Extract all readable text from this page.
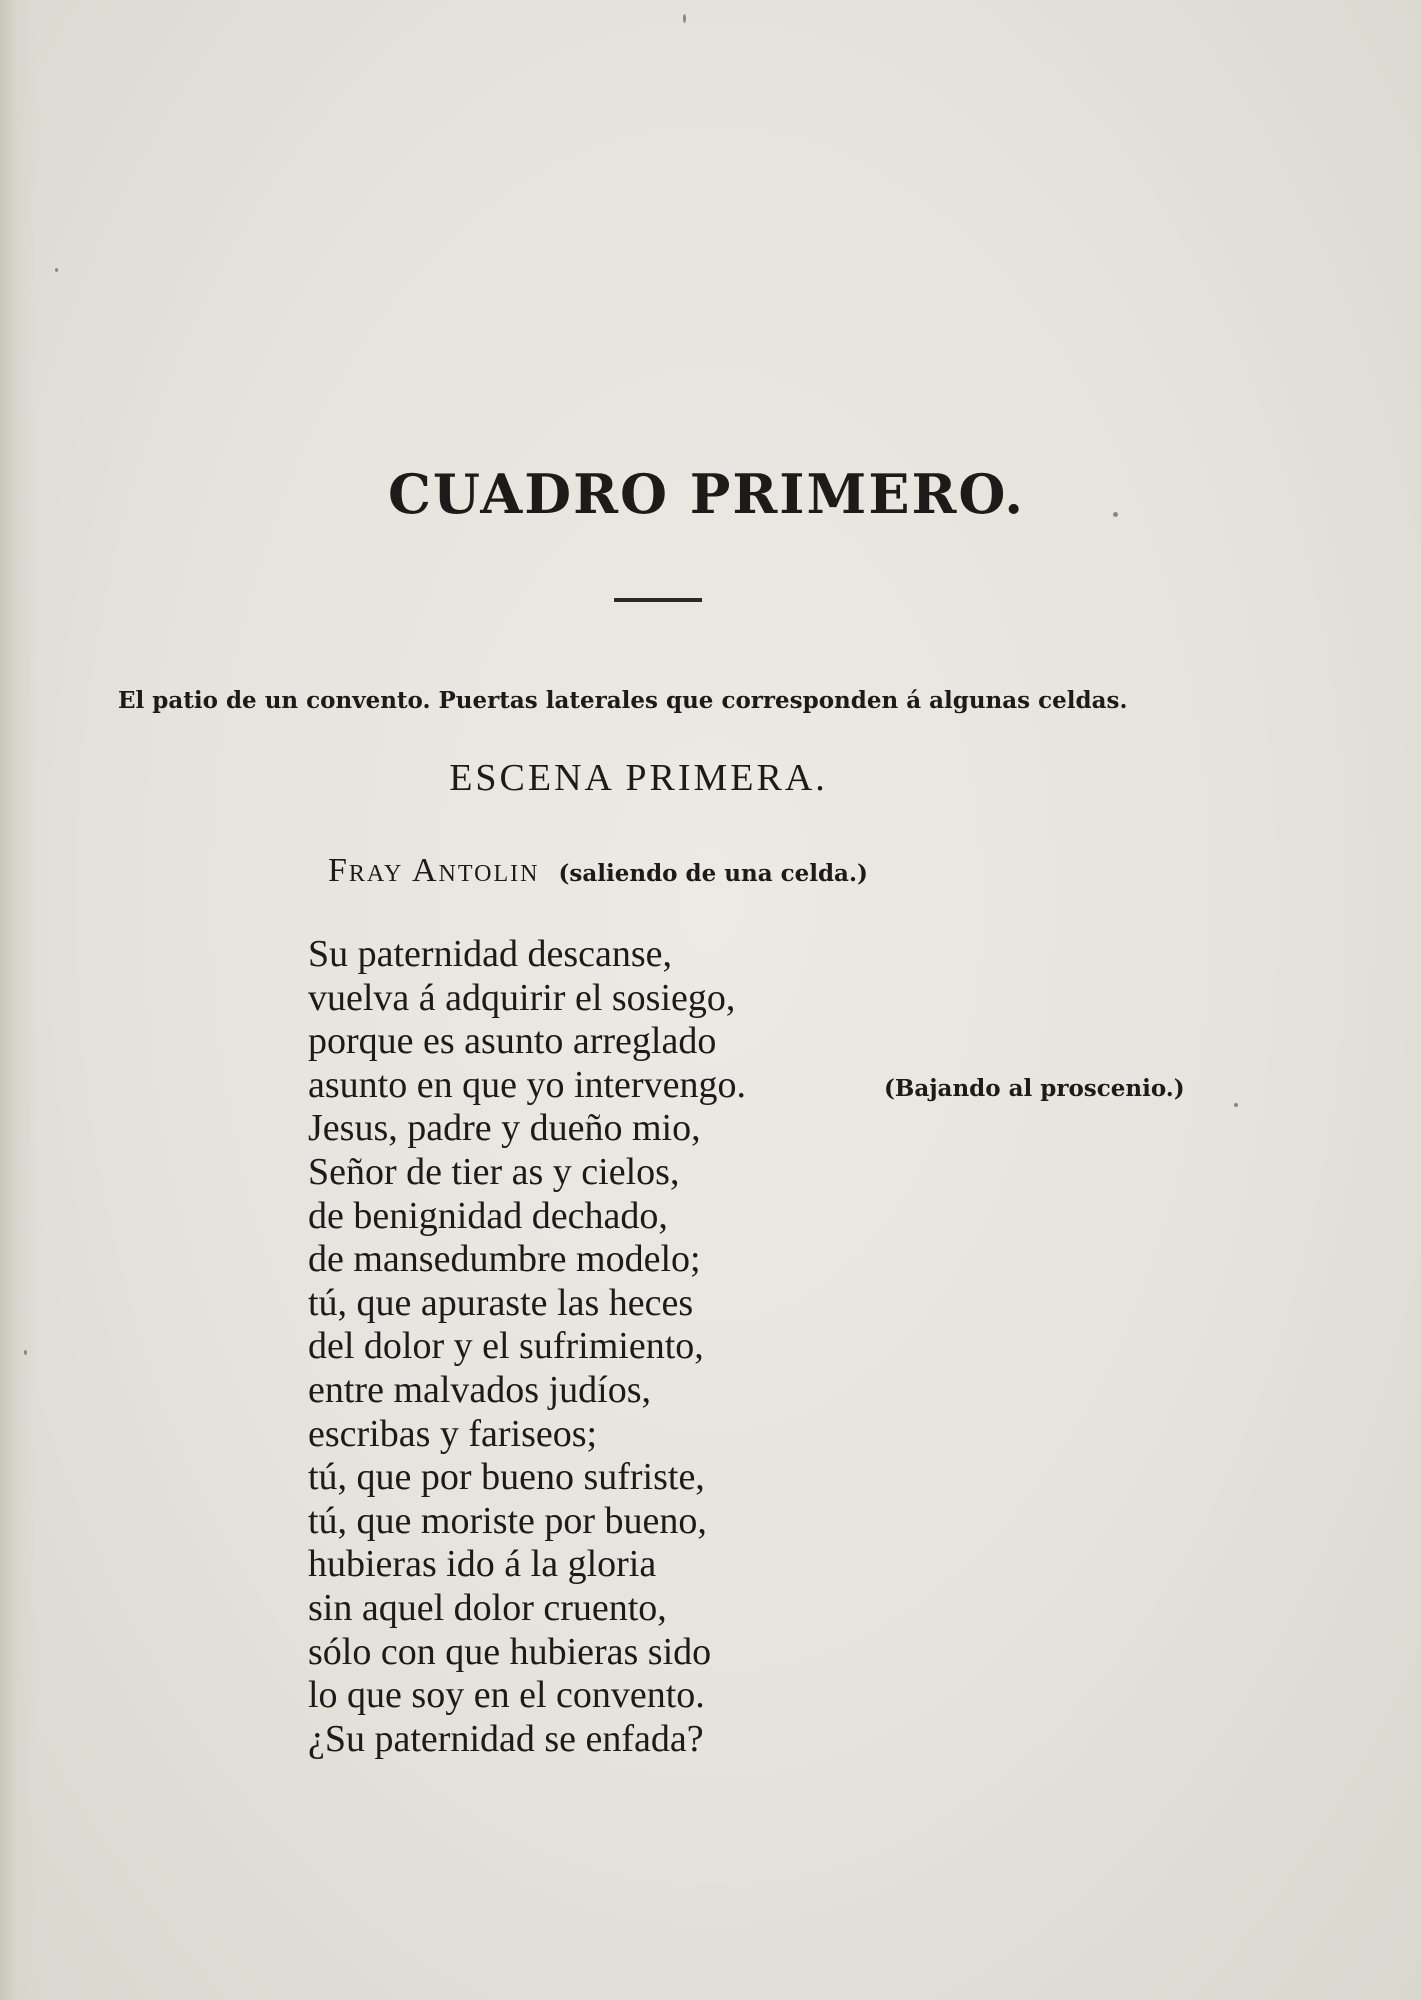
CUADRO PRIMERO.
El patio de un convento. Puertas laterales que corresponden á algunas celdas.
ESCENA PRIMERA.
Fray Antolin (saliendo de una celda.)
Su paternidad descanse,
vuelva á adquirir el sosiego,
porque es asunto arreglado
asunto en que yo intervengo.
Jesus, padre y dueño mio,
Señor de tier as y cielos,
de benignidad dechado,
de mansedumbre modelo;
tú, que apuraste las heces
del dolor y el sufrimiento,
entre malvados judíos,
escribas y fariseos;
tú, que por bueno sufriste,
tú, que moriste por bueno,
hubieras ido á la gloria
sin aquel dolor cruento,
sólo con que hubieras sido
lo que soy en el convento.
¿Su paternidad se enfada?
(Bajando al proscenio.)
